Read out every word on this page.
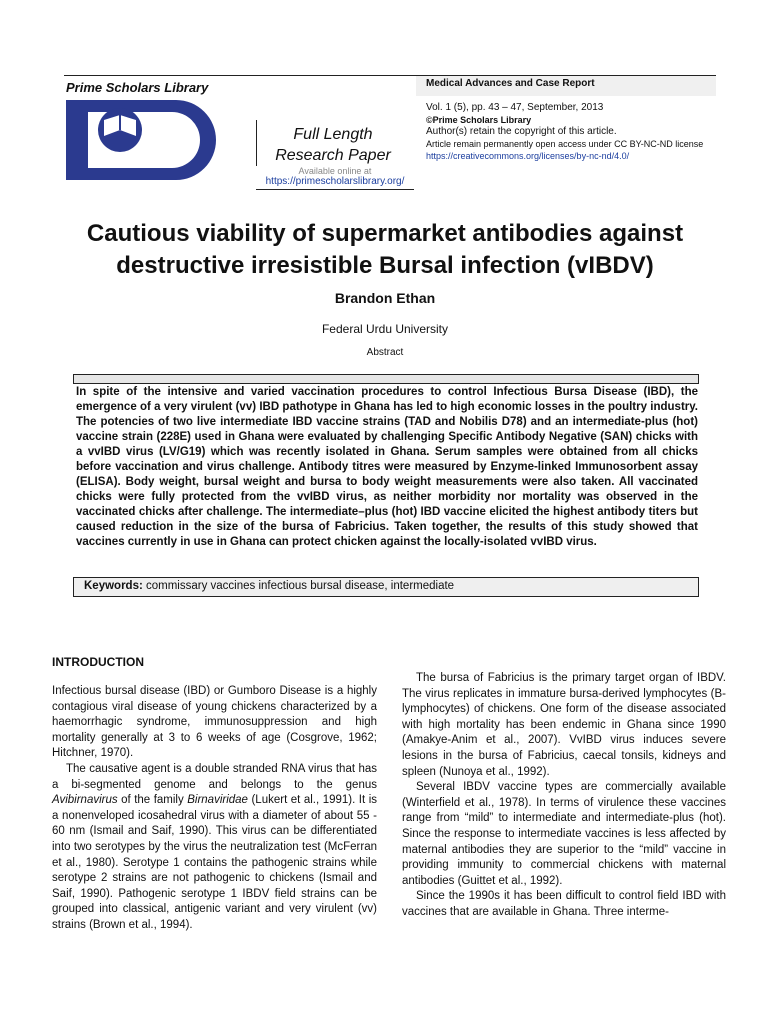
Prime Scholars Library	Medical Advances and Case Report
Full Length
Research Paper
Available online at
https://primescholarslibrary.org/
Vol. 1 (5), pp. 43 – 47, September, 2013
©Prime Scholars Library
Author(s) retain the copyright of this article.
Article remain permanently open access under CC BY-NC-ND license
https://creativecommons.org/licenses/by-nc-nd/4.0/
Cautious viability of supermarket antibodies against
destructive irresistible Bursal infection (vIBDV)
Brandon Ethan
Federal Urdu University
Abstract
In spite of the intensive and varied vaccination procedures to control Infectious Bursa Disease (IBD), the emergence of a very virulent (vv) IBD pathotype in Ghana has led to high economic losses in the poultry industry. The potencies of two live intermediate IBD vaccine strains (TAD and Nobilis D78) and an intermediate-plus (hot) vaccine strain (228E) used in Ghana were evaluated by challenging Specific Antibody Negative (SAN) chicks with a vvIBD virus (LV/G19) which was recently isolated in Ghana. Serum samples were obtained from all chicks before vaccination and virus challenge. Antibody titres were measured by Enzyme-linked Immunosorbent assay (ELISA). Body weight, bursal weight and bursa to body weight measurements were also taken. All vaccinated chicks were fully protected from the vvIBD virus, as neither morbidity nor mortality was observed in the vaccinated chicks after challenge. The intermediate–plus (hot) IBD vaccine elicited the highest antibody titers but caused reduction in the size of the bursa of Fabricius. Taken together, the results of this study showed that vaccines currently in use in Ghana can protect chicken against the locally-isolated vvIBD virus.
Keywords: commissary vaccines infectious bursal disease, intermediate
INTRODUCTION

Infectious bursal disease (IBD) or Gumboro Disease is a highly contagious viral disease of young chickens characterized by a haemorrhagic syndrome, immunosuppression and high mortality generally at 3 to 6 weeks of age (Cosgrove, 1962; Hitchner, 1970).

The causative agent is a double stranded RNA virus that has a bi-segmented genome and belongs to the genus Avibirnavirus of the family Birnaviridae (Lukert et al., 1991). It is a nonenveloped icosahedral virus with a diameter of about 55 - 60 nm (Ismail and Saif, 1990). This virus can be differentiated into two serotypes by the virus the neutralization test (McFerran et al., 1980). Serotype 1 contains the pathogenic strains while serotype 2 strains are not pathogenic to chickens (Ismail and Saif, 1990). Pathogenic serotype 1 IBDV field strains can be grouped into classical, antigenic variant and very virulent (vv) strains (Brown et al., 1994).

The bursa of Fabricius is the primary target organ of IBDV. The virus replicates in immature bursa-derived lymphocytes (B-lymphocytes) of chickens. One form of the disease associated with high mortality has been endemic in Ghana since 1990 (Amakye-Anim et al., 2007). VvIBD virus induces severe lesions in the bursa of Fabricius, caecal tonsils, kidneys and spleen (Nunoya et al., 1992).

Several IBDV vaccine types are commercially available (Winterfield et al., 1978). In terms of virulence these vaccines range from “mild” to intermediate and intermediate-plus (hot). Since the response to intermediate vaccines is less affected by maternal antibodies they are superior to the “mild” vaccine in providing immunity to commercial chickens with maternal antibodies (Guittet et al., 1992).

Since the 1990s it has been difficult to control field IBD with vaccines that are available in Ghana. Three interme-
